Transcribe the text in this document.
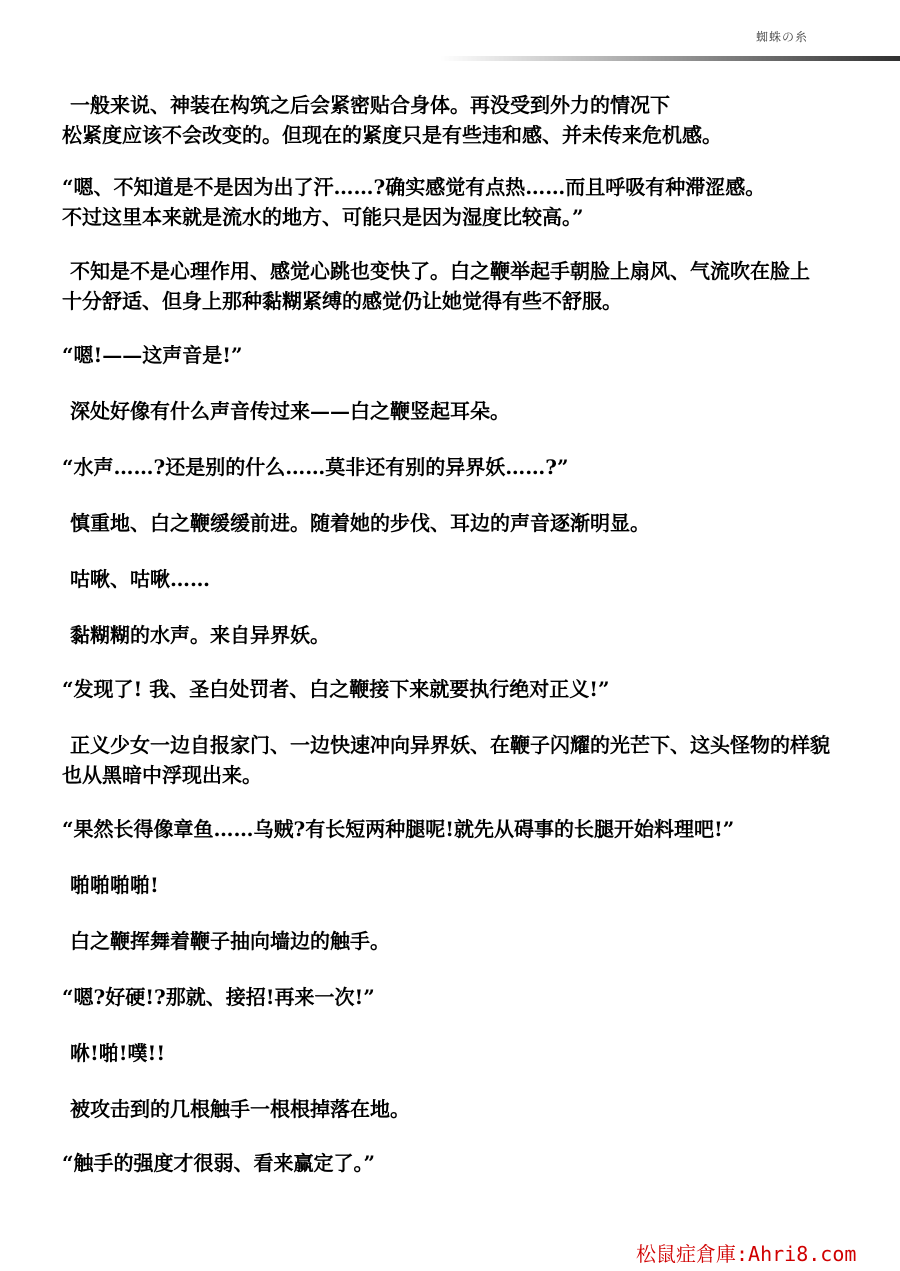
蜘蛛の糸
一般来说、神装在构筑之后会紧密贴合身体。再没受到外力的情况下
松紧度应该不会改变的。但现在的紧度只是有些违和感、并未传来危机感。
“嗯、不知道是不是因为出了汗……?确实感觉有点热……而且呼吸有种滞涩感。
不过这里本来就是流水的地方、可能只是因为湿度比较高。”
不知是不是心理作用、感觉心跳也变快了。白之鞭举起手朝脸上扇风、气流吹在脸上
十分舒适、但身上那种黏糊紧缚的感觉仍让她觉得有些不舒服。
“嗯!——这声音是!”
深处好像有什么声音传过来——白之鞭竖起耳朵。
“水声……?还是别的什么……莫非还有别的异界妖……?”
慎重地、白之鞭缓缓前进。随着她的步伐、耳边的声音逐渐明显。
咕啾、咕啾……
黏糊糊的水声。来自异界妖。
“发现了! 我、圣白处罚者、白之鞭接下来就要执行绝对正义!”
正义少女一边自报家门、一边快速冲向异界妖、在鞭子闪耀的光芒下、这头怪物的样貌
也从黑暗中浮现出来。
“果然长得像章鱼……乌贼?有长短两种腿呢!就先从碍事的长腿开始料理吧!”
啪啪啪啪!
白之鞭挥舞着鞭子抽向墙边的触手。
“嗯?好硬!?那就、接招!再来一次!”
咻!啪!噗!!
被攻击到的几根触手一根根掉落在地。
“触手的强度才很弱、看来赢定了。”
松鼠症倉庫:Ahri8.com
